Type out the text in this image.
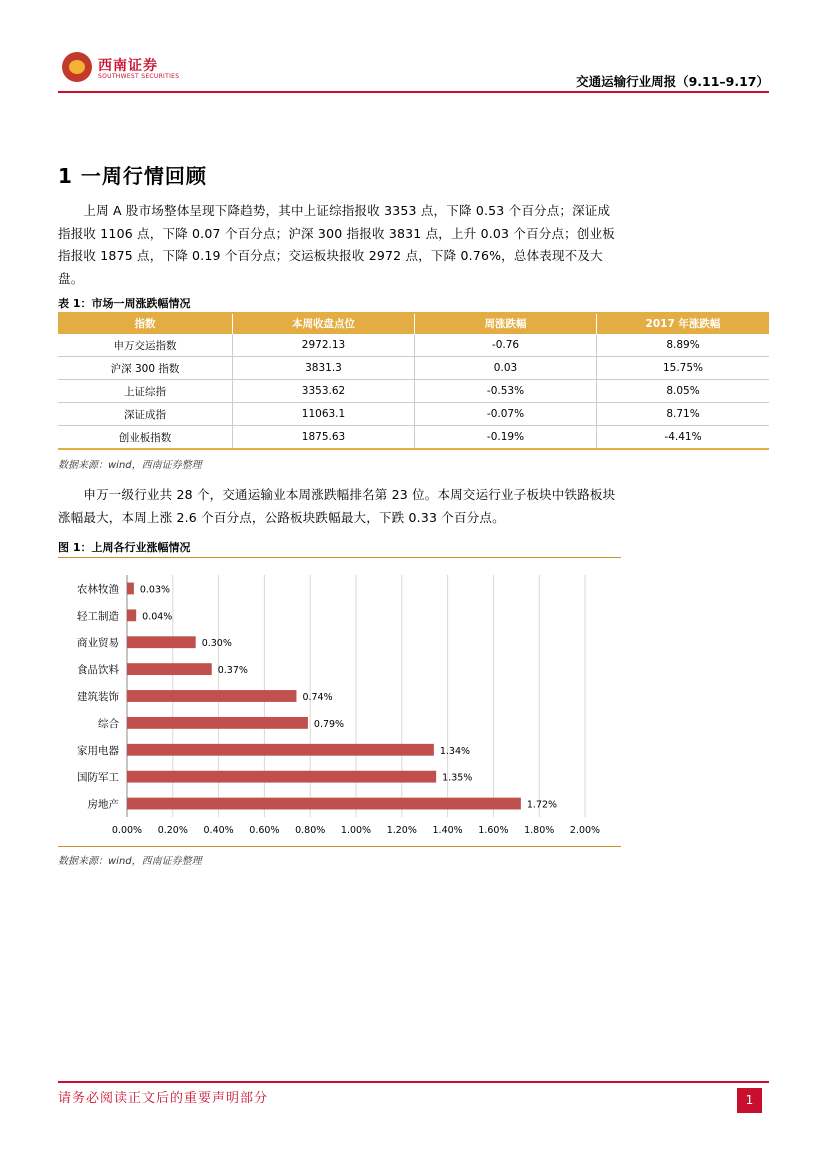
西南证券
SOUTHWEST SECURITIES	交通运输行业周报（9.11–9.17）
1 一周行情回顾
　　上周 A 股市场整体呈现下降趋势，其中上证综指报收 3353 点，下降 0.53 个百分点；深证成指报收 1106 点，下降 0.07 个百分点；沪深 300 指报收 3831 点，上升 0.03 个百分点；创业板指报收 1875 点，下降 0.19 个百分点；交运板块报收 2972 点，下降 0.76%，总体表现不及大盘。
表 1：市场一周涨跌幅情况
指数	本周收盘点位	周涨跌幅	2017 年涨跌幅
申万交运指数	2972.13	-0.76	8.89%
沪深 300 指数	3831.3	0.03	15.75%
上证综指	3353.62	-0.53%	8.05%
深证成指	11063.1	-0.07%	8.71%
创业板指数	1875.63	-0.19%	-4.41%
数据来源：wind，西南证券整理
　　申万一级行业共 28 个，交通运输业本周涨跌幅排名第 23 位。本周交运行业子板块中铁路板块涨幅最大，本周上涨 2.6 个百分点，公路板块跌幅最大，下跌 0.33 个百分点。
图 1：上周各行业涨幅情况
0.00% 0.20% 0.40% 0.60% 0.80% 1.00% 1.20% 1.40% 1.60% 1.80% 2.00%
农林牧渔 0.03%
轻工制造 0.04%
商业贸易	0.30%
食品饮料	0.37%
建筑装饰	0.74%
综合	0.79%
家用电器	1.34%
国防军工	1.35%
房地产	1.72%
数据来源：wind，西南证券整理
请务必阅读正文后的重要声明部分	1
